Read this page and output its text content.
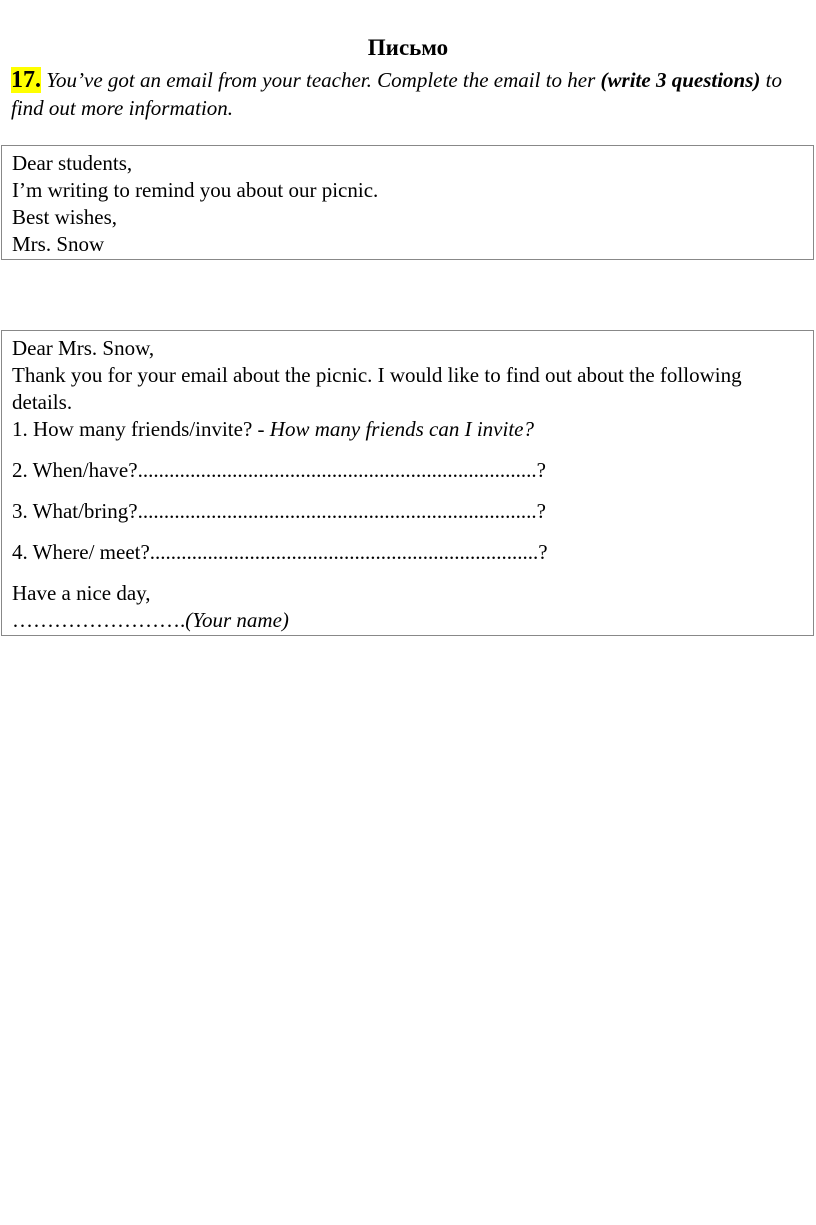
Письмо
17. You’ve got an email from your teacher. Complete the email to her (write 3 questions) to find out more information.
Dear students,
I’m writing to remind you about our picnic.
Best wishes,
Mrs. Snow
Dear Mrs. Snow,
Thank you for your email about the picnic. I would like to find out about the following details.
1. How many friends/invite? - How many friends can I invite?
2. When/have?............................................................................?
3. What/bring?............................................................................?
4. Where/ meet?..........................................................................?
Have a nice day,
…………………….(Your name)
